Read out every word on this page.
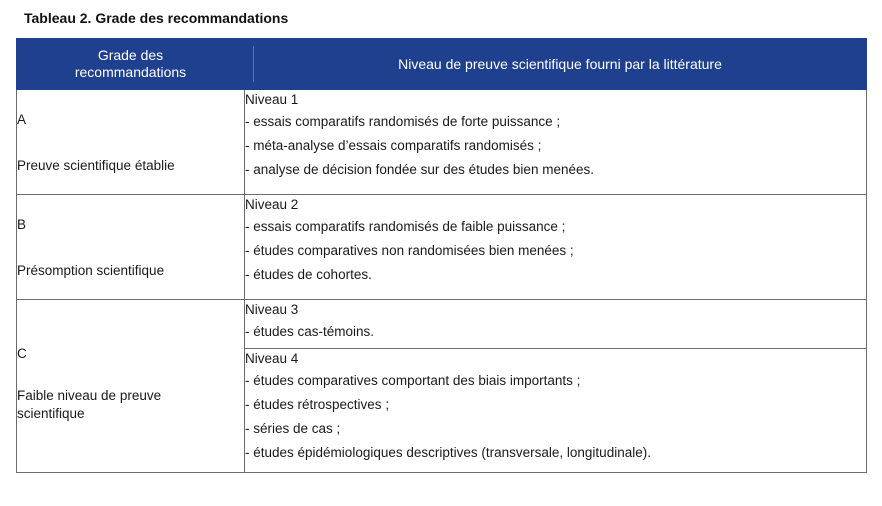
Tableau 2. Grade des recommandations
Grade des recommandations	Niveau de preuve scientifique fourni par la littérature

A
Preuve scientifique établie	Niveau 1
- essais comparatifs randomisés de forte puissance ;
- méta-analyse d’essais comparatifs randomisés ;
- analyse de décision fondée sur des études bien menées.

B
Présomption scientifique	Niveau 2
- essais comparatifs randomisés de faible puissance ;
- études comparatives non randomisées bien menées ;
- études de cohortes.

C
Faible niveau de preuve scientifique	Niveau 3
- études cas-témoins.

	Niveau 4
- études comparatives comportant des biais importants ;
- études rétrospectives ;
- séries de cas ;
- études épidémiologiques descriptives (transversale, longitudinale).
